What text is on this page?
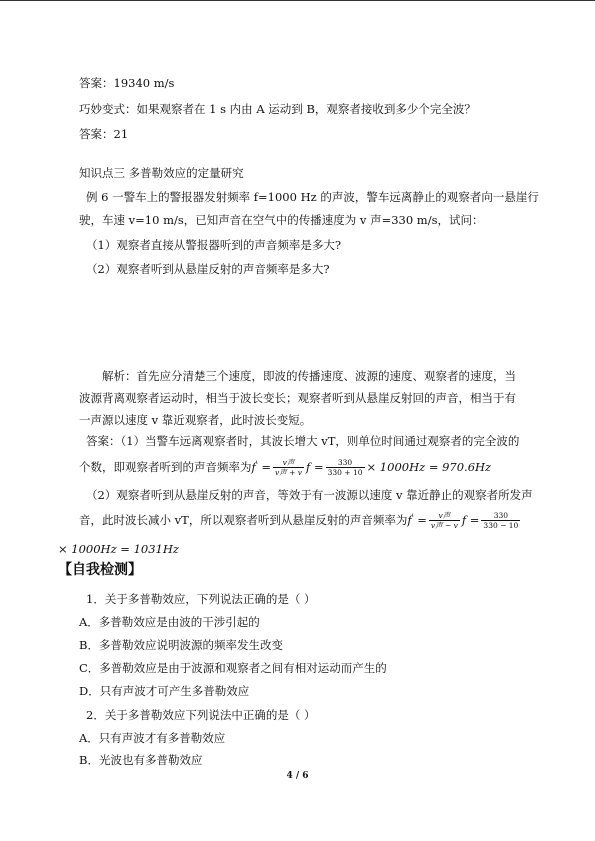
答案：19340 m/s
巧妙变式：如果观察者在 1 s 内由 A 运动到 B，观察者接收到多少个完全波？
答案：21
知识点三 多普勒效应的定量研究
例 6 一警车上的警报器发射频率 f=1000 Hz 的声波，警车远离静止的观察者向一悬崖行
驶，车速 v=10 m/s，已知声音在空气中的传播速度为 v 声=330 m/s，试问：
（1）观察者直接从警报器听到的声音频率是多大?
（2）观察者听到从悬崖反射的声音频率是多大?
解析：首先应分清楚三个速度，即波的传播速度、波源的速度、观察者的速度，当波源背离观察者运动时，相当于波长变长；观察者听到从悬崖反射回的声音，相当于有一声源以速度 v 靠近观察者，此时波长变短。
答案：（1）当警车远离观察者时，其波长增大 vT，则单位时间通过观察者的完全波的
个数，即观察者听到的声音频率为$f' = \frac{\text{v声}}{\text{v声 + v}}$ $f = \frac{330}{330 + 10} \times 1000Hz = 970.6Hz$
（2）观察者听到从悬崖反射的声音，等效于有一波源以速度 v 靠近静止的观察者所发声
音，此时波长减小 vT，所以观察者听到从悬崖反射的声音频率为$f' = \frac{\text{v声}}{\text{v声 − v}}$ $f = \frac{330}{330 - 10}$
× 1000Hz = 1031Hz
【自我检测】
1．关于多普勒效应，下列说法正确的是（ ）
A．多普勒效应是由波的干涉引起的
B．多普勒效应说明波源的频率发生改变
C．多普勒效应是由于波源和观察者之间有相对运动而产生的
D．只有声波才可产生多普勒效应
2．关于多普勒效应下列说法中正确的是（ ）
A．只有声波才有多普勒效应
B．光波也有多普勒效应
4 / 6
